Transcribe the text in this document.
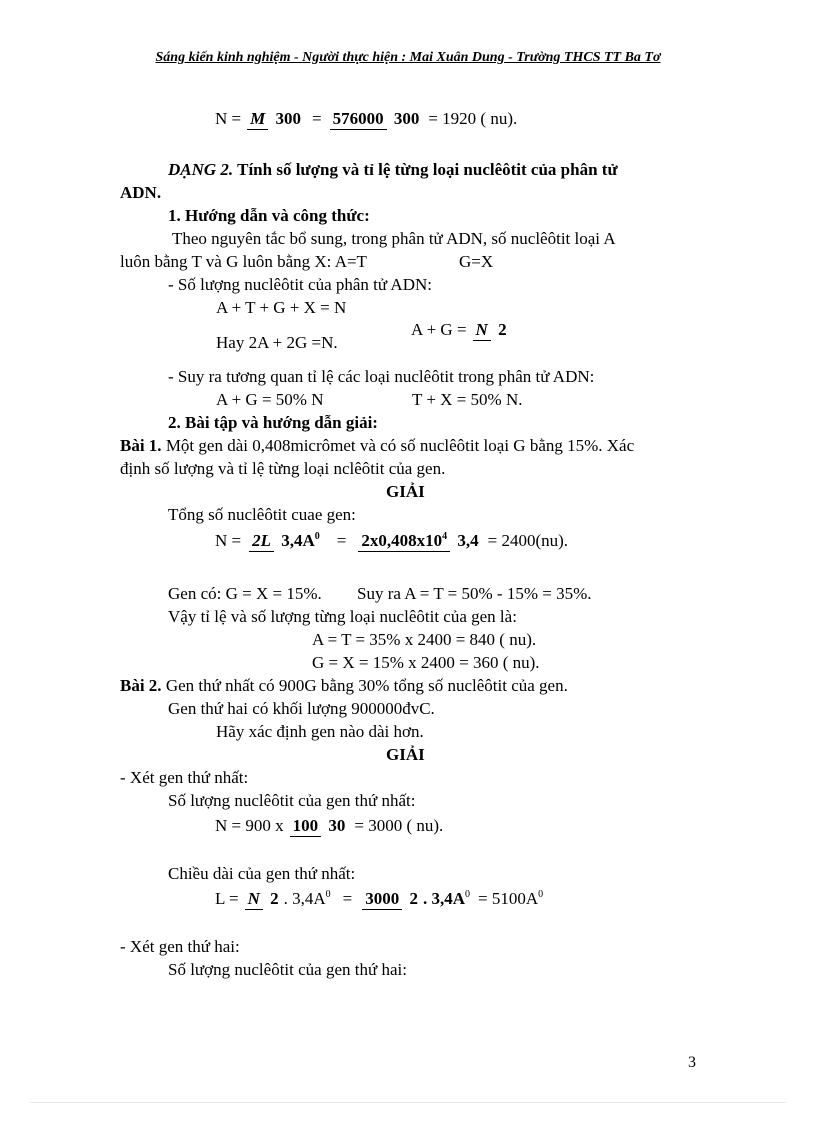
Sáng kiến kinh nghiệm - Người thực hiện : Mai Xuân Dung - Trường THCS TT Ba Tơ
N = M 300 = 576000 300 = 1920 ( nu).
DẠNG 2. Tính số lượng và tỉ lệ từng loại nuclêôtit của phân tử
ADN.
1. Hướng dẫn và công thức:
Theo nguyên tắc bổ sung, trong phân tử ADN, số nuclêôtit loại A
luôn bằng T và G luôn bằng X: A=T	G=X
- Số lượng nuclêôtit của phân tử ADN:
A + T + G + X = N
Hay 2A + 2G =N.
A + G = N 2
- Suy ra tương quan tỉ lệ các loại nuclêôtit trong phân tử ADN:
A + G = 50% N	T + X = 50% N.
2. Bài tập và hướng dẫn giải:
Bài 1. Một gen dài 0,408micrômet và có số nuclêôtit loại G bằng 15%. Xác
định số lượng và tỉ lệ từng loại nclêôtit của gen.
GIẢI
Tổng số nuclêôtit cuae gen:
N = 2L $3,4A^0 = 2x0,408x10^4$ 3,4 = 2400(nu).
Gen có: G = X = 15%. Suy ra A = T = 50% - 15% = 35%.
Vậy tỉ lệ và số lượng từng loại nuclêôtit của gen là:
A = T = 35% x 2400 = 840 ( nu).
G = X = 15% x 2400 = 360 ( nu).
Bài 2. Gen thứ nhất có 900G bằng 30% tổng số nuclêôtit của gen.
Gen thứ hai có khối lượng 900000đvC.
Hãy xác định gen nào dài hơn.
GIẢI
- Xét gen thứ nhất:
Số lượng nuclêôtit của gen thứ nhất:
N = 900 x 100 30 = 3000 ( nu).
Chiều dài của gen thứ nhất:
L = N 2 . $3,4A^0 = 3000$ 2 . $3,4A^0 = 5100A^0$
- Xét gen thứ hai:
Số lượng nuclêôtit của gen thứ hai:
3
